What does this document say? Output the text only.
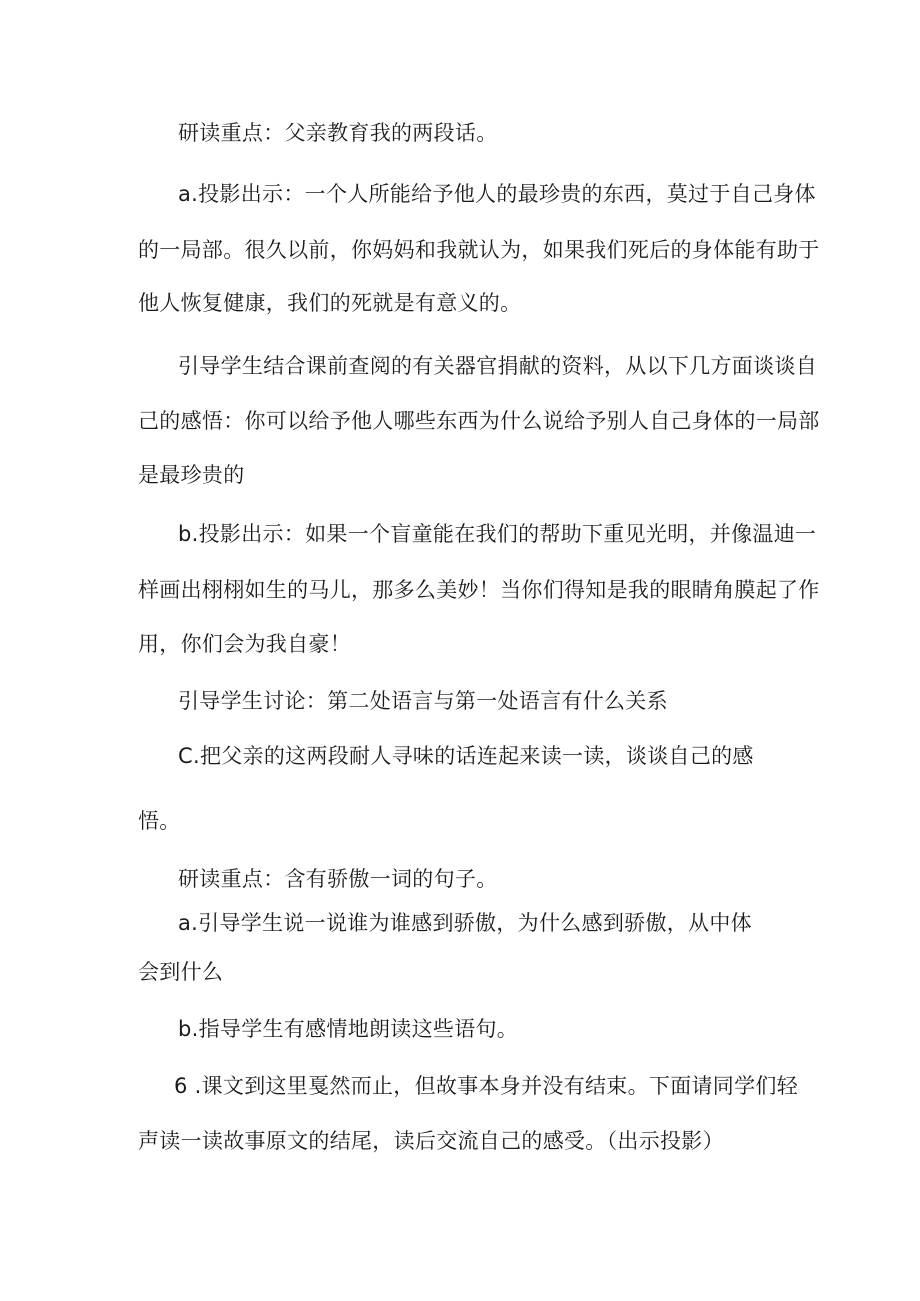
研读重点：父亲教育我的两段话。
a.投影出示：一个人所能给予他人的最珍贵的东西，莫过于自己身体
的一局部。很久以前，你妈妈和我就认为，如果我们死后的身体能有助于
他人恢复健康，我们的死就是有意义的。
引导学生结合课前查阅的有关器官捐献的资料，从以下几方面谈谈自
己的感悟：你可以给予他人哪些东西为什么说给予别人自己身体的一局部
是最珍贵的
b.投影出示：如果一个盲童能在我们的帮助下重见光明，并像温迪一
样画出栩栩如生的马儿，那多么美妙！当你们得知是我的眼睛角膜起了作
用，你们会为我自豪！
引导学生讨论：第二处语言与第一处语言有什么关系
C.把父亲的这两段耐人寻味的话连起来读一读，谈谈自己的感
悟。
研读重点：含有骄傲一词的句子。
a.引导学生说一说谁为谁感到骄傲，为什么感到骄傲，从中体
会到什么
b.指导学生有感情地朗读这些语句。
6 .课文到这里戛然而止，但故事本身并没有结束。下面请同学们轻
声读一读故事原文的结尾，读后交流自己的感受。（出示投影）
